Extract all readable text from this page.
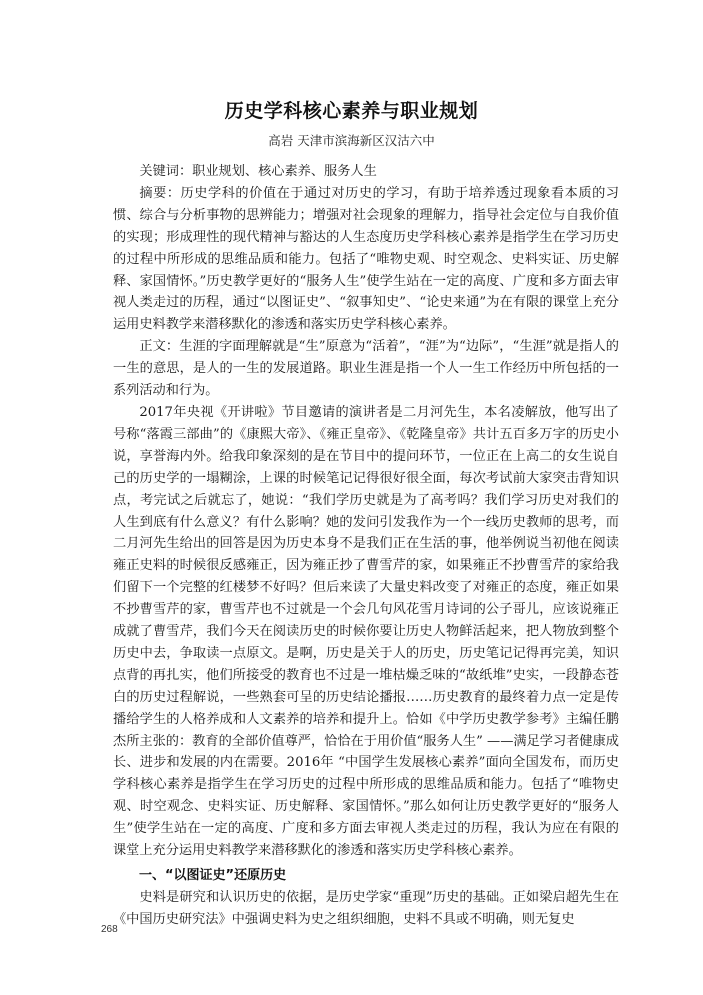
历史学科核心素养与职业规划
高岩 天津市滨海新区汉沽六中

关键词：职业规划、核心素养、服务人生

摘要：历史学科的价值在于通过对历史的学习，有助于培养透过现象看本质的习惯、综合与分析事物的思辨能力；增强对社会现象的理解力，指导社会定位与自我价值的实现；形成理性的现代精神与豁达的人生态度历史学科核心素养是指学生在学习历史的过程中所形成的思维品质和能力。包括了“唯物史观、时空观念、史料实证、历史解释、家国情怀。”历史教学更好的“服务人生”使学生站在一定的高度、广度和多方面去审视人类走过的历程，通过“以图证史”、“叙事知史”、“论史来通”为在有限的课堂上充分运用史料教学来潜移默化的渗透和落实历史学科核心素养。

正文：生涯的字面理解就是“生”原意为“活着”，“涯”为“边际”，“生涯”就是指人的一生的意思，是人的一生的发展道路。职业生涯是指一个人一生工作经历中所包括的一系列活动和行为。

2017年央视《开讲啦》节目邀请的演讲者是二月河先生，本名凌解放，他写出了号称“落霞三部曲”的《康熙大帝》、《雍正皇帝》、《乾隆皇帝》共计五百多万字的历史小说，享誉海内外。给我印象深刻的是在节目中的提问环节，一位正在上高二的女生说自己的历史学的一塌糊涂，上课的时候笔记记得很好很全面，每次考试前大家突击背知识点，考完试之后就忘了，她说：“我们学历史就是为了高考吗？我们学习历史对我们的人生到底有什么意义？有什么影响？她的发问引发我作为一个一线历史教师的思考，而二月河先生给出的回答是因为历史本身不是我们正在生活的事，他举例说当初他在阅读雍正史料的时候很反感雍正，因为雍正抄了曹雪芹的家，如果雍正不抄曹雪芹的家给我们留下一个完整的红楼梦不好吗？但后来读了大量史料改变了对雍正的态度，雍正如果不抄曹雪芹的家，曹雪芹也不过就是一个会几句风花雪月诗词的公子哥儿，应该说雍正成就了曹雪芹，我们今天在阅读历史的时候你要让历史人物鲜活起来，把人物放到整个历史中去，争取读一点原文。是啊，历史是关于人的历史，历史笔记记得再完美，知识点背的再扎实，他们所接受的教育也不过是一堆枯燥乏味的“故纸堆”史实，一段静态苍白的历史过程解说，一些熟套可呈的历史结论播报……历史教育的最终着力点一定是传播给学生的人格养成和人文素养的培养和提升上。恰如《中学历史教学参考》主编任鹏杰所主张的：教育的全部价值尊严，恰恰在于用价值“服务人生” ——满足学习者健康成长、进步和发展的内在需要。2016年 “中国学生发展核心素养”面向全国发布，而历史学科核心素养是指学生在学习历史的过程中所形成的思维品质和能力。包括了“唯物史观、时空观念、史料实证、历史解释、家国情怀。”那么如何让历史教学更好的“服务人生”使学生站在一定的高度、广度和多方面去审视人类走过的历程，我认为应在有限的课堂上充分运用史料教学来潜移默化的渗透和落实历史学科核心素养。

一、“以图证史”还原历史

史料是研究和认识历史的依据，是历史学家“重现”历史的基础。正如梁启超先生在《中国历史研究法》中强调史料为史之组织细胞，史料不具或不明确，则无复史

268
